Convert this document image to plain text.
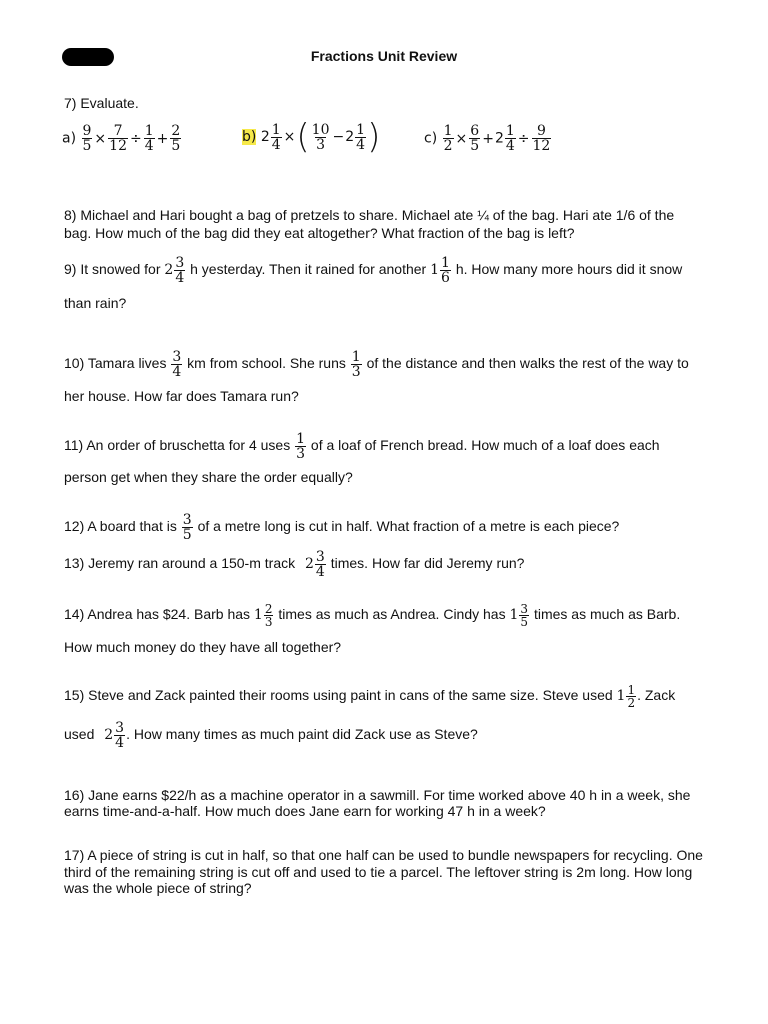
Fractions Unit Review
7) Evaluate.
$a) \frac{9}{5} \times \frac{7}{12} \div \frac{1}{4} + \frac{2}{5}$	b) $2 \frac{1}{4}$ ×( $\frac{10}{3} -2 \frac{1}{4}$ )	$c) \frac{1}{2} \times \frac{6}{5} +2 \frac{1}{4} \div \frac{9}{12}$
8) Michael and Hari bought a bag of pretzels to share. Michael ate ¼ of the bag. Hari ate 1/6 of the
bag. How much of the bag did they eat altogether? What fraction of the bag is left?
9) It snowed for $2 \frac{3}{4}$ h yesterday. Then it rained for another $1 \frac{1}{6} h$. How many more hours did it snow
than rain?
10) Tamara lives $\frac{3}{4}$ km from school. She runs $\frac{1}{3}$ of the distance and then walks the rest of the way to
her house. How far does Tamara run?
11) An order of bruschetta for 4 uses $\frac{1}{3}$ of a loaf of French bread. How much of a loaf does each
person get when they share the order equally?
12) A board that is $\frac{3}{5}$ of a metre long is cut in half. What fraction of a metre is each piece?
13) Jeremy ran around a 150-m track $2 \frac{3}{4}$ times. How far did Jeremy run?
14) Andrea has $24. Barb has $1 \frac{2}{3}$ times as much as Andrea. Cindy has $1 \frac{3}{5}$ times as much as Barb.
How much money do they have all together?
15) Steve and Zack painted their rooms using paint in cans of the same size. Steve used $1 \frac{1}{2}$ . Zack
used $2 \frac{3}{4}$ . How many times as much paint did Zack use as Steve?
16) Jane earns $22/h as a machine operator in a sawmill. For time worked above 40 h in a week, she
earns time-and-a-half. How much does Jane earn for working 47 h in a week?
17) A piece of string is cut in half, so that one half can be used to bundle newspapers for recycling. One
third of the remaining string is cut off and used to tie a parcel. The leftover string is 2m long. How long
was the whole piece of string?
